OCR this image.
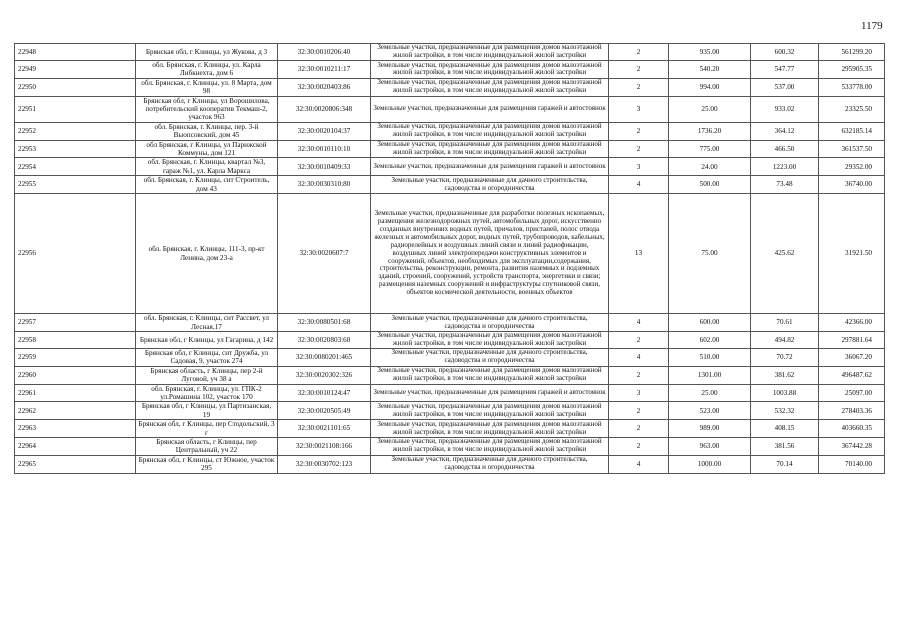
1179
22948	Брянская обл, г Клинцы, ул Жукова, д 3	32:30:0010206:40	Земельные участки, предназначенные для размещения домов малоэтажной жилой застройки, в том числе индивидуальной жилой застройки	2	935.00	600.32	561299.20
22949	обл. Брянская, г. Клинцы, ул. Карла Либкнехта, дом 6	32:30:0010211:17	Земельные участки, предназначенные для размещения домов малоэтажной жилой застройки, в том числе индивидуальной жилой застройки	2	540.20	547.77	295905.35
22950	обл. Брянская, г. Клинцы, ул. 8 Марта, дом 98	32:30:0020403:86	Земельные участки, предназначенные для размещения домов малоэтажной жилой застройки, в том числе индивидуальной жилой застройки	2	994.00	537.00	533778.00
22951	Брянская обл, г Клинцы, ул Ворошилова, потребительский кооператив Текмаш-2, участок 963	32:30:0020806:348	Земельные участки, предназначенные для размещения гаражей и автостоянок	3	25.00	933.02	23325.50
22952	обл. Брянская, г. Клинцы, пер. 3-й Выопсовский, дом 45	32:30:0020104:37	Земельные участки, предназначенные для размещения домов малоэтажной жилой застройки, в том числе индивидуальной жилой застройки	2	1736.20	364.12	632185.14
22953	обл Брянская, г Клинцы, ул Парижской Коммуны, дом 121	32:30:0010110:10	Земельные участки, предназначенные для размещения домов малоэтажной жилой застройки, в том числе индивидуальной жилой застройки	2	775.00	466.50	361537.50
22954	обл. Брянская, г. Клинцы, квартал №3, гараж №1, ул. Карла Маркса	32:30:0010409:33	Земельные участки, предназначенные для размещения гаражей и автостоянок	3	24.00	1223.00	29352.00
22955	обл. Брянская, г. Клинцы, снт Строитель, дом 43	32:30:0030310:80	Земельные участки, предназначенные для дачного строительства, садоводства и огородничества	4	500.00	73.48	36740.00
22956	обл. Брянская, г. Клинцы, 111-3, пр-кт Ленина, дом 23-а	32:30:0020607:7	Земельные участки, предназначенные для разработки полезных ископаемых, размещения железнодорожных путей, автомобильных дорог, искусственно созданных внутренних водных путей, причалов, пристаней, полос отвода железных и автомобильных дорог, водных путей, трубопроводов, кабельных, радиорелейных и воздушных линий связи и линий радиофикации, воздушных линий электропередачи конструктивных элементов и сооружений, объектов, необходимых для эксплуатации,содержания, строительства, реконструкции, ремонта, развития наземных и подземных зданий, строений, сооружений, устройств транспорта, энергетики и связи; размещения наземных сооружений и инфраструктуры спутниковой связи, объектов космической деятельности, военных объектов	13	75.00	425.62	31921.50
22957	обл. Брянская, г. Клинцы, снт Рассвет, ул Лесная,17	32:30:0080501:68	Земельные участки, предназначенные для дачного строительства, садоводства и огородничества	4	600.00	70.61	42366.00
22958	Брянская обл, г Клинцы, ул Гагарина, д 142	32:30:0020803:60	Земельные участки, предназначенные для размещения домов малоэтажной жилой застройки, в том числе индивидуальной жилой застройки	2	602.00	494.82	297881.64
22959	Брянская обл, г Клинцы, снт Дружба, ул Садовая, 9, участок 274	32:30:0080201:465	Земельные участки, предназначенные для дачного строительства, садоводства и огородничества	4	510.00	70.72	36067.20
22960	Брянская область, г Клинцы, пер 2-й Луговой, уч 38 а	32:30:0020302:326	Земельные участки, предназначенные для размещения домов малоэтажной жилой застройки, в том числе индивидуальной жилой застройки	2	1301.00	381.62	496487.62
22961	обл. Брянская, г. Клинцы, ул. ГПК-2 ул.Ромашина 102, участок 170	32:30:0010124:47	Земельные участки, предназначенные для размещения гаражей и автостоянок	3	25.00	1003.88	25097.00
22962	Брянская обл, г Клинцы, ул Партизанская, 19	32:30:0020505:49	Земельные участки, предназначенные для размещения домов малоэтажной жилой застройки, в том числе индивидуальной жилой застройки	2	523.00	532.32	278403.36
22963	Брянская обл, г Клинцы, пер Стодольский, 3 г	32:30:0021101:65	Земельные участки, предназначенные для размещения домов малоэтажной жилой застройки, в том числе индивидуальной жилой застройки	2	989.00	408.15	403660.35
22964	Брянская область, г Клинцы, пер Центральный, уч 22	32:30:0021108:166	Земельные участки, предназначенные для размещения домов малоэтажной жилой застройки, в том числе индивидуальной жилой застройки	2	963.00	381.56	367442.28
22965	Брянская обл, г Клинцы, ст Южное, участок 295	32:30:0030702:123	Земельные участки, предназначенные для дачного строительства, садоводства и огородничества	4	1000.00	70.14	70140.00
